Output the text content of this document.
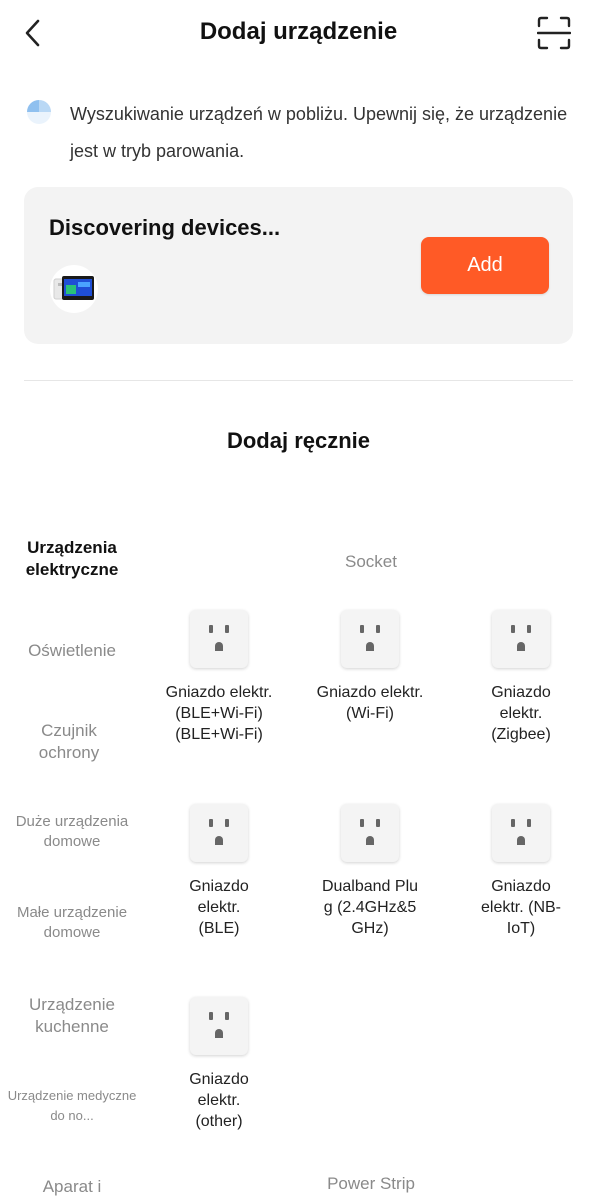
Dodaj urządzenie
Wyszukiwanie urządzeń w pobliżu. Upewnij się, że urządzenie jest w tryb parowania.
Discovering devices...
Add
Dodaj ręcznie
Urządzenia elektryczne
Oświetlenie
Czujnik ochrony
Duże urządzenia domowe
Małe urządzenie domowe
Urządzenie kuchenne
Urządzenie medyczne do no...
Aparat i
Socket
Gniazdo elektr. (BLE+Wi-Fi) (BLE+Wi-Fi)
Gniazdo elektr. (Wi-Fi)
Gniazdo elektr. (Zigbee)
Gniazdo elektr. (BLE)
Dualband Plug (2.4GHz&5GHz)
Gniazdo elektr. (NB-IoT)
Gniazdo elektr. (other)
Power Strip
